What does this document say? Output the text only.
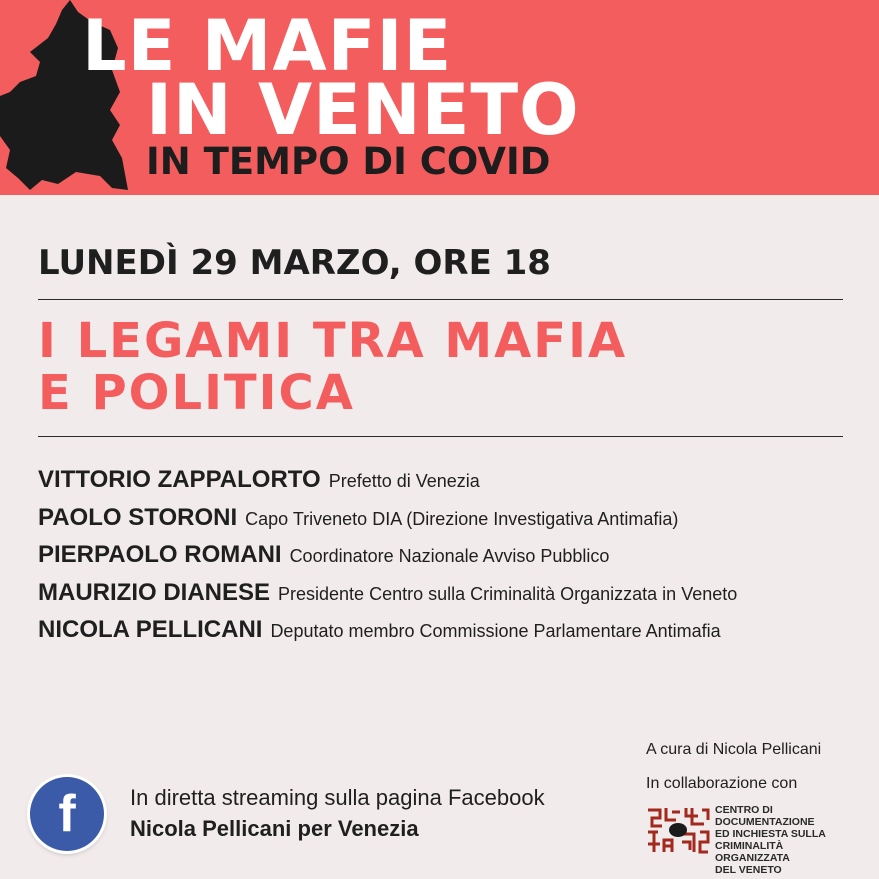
LE MAFIE
IN VENETO
IN TEMPO DI COVID
LUNEDÌ 29 MARZO, ORE 18
I LEGAMI TRA MAFIA
E POLITICA
VITTORIO ZAPPALORTO Prefetto di Venezia
PAOLO STORONI Capo Triveneto DIA (Direzione Investigativa Antimafia)
PIERPAOLO ROMANI Coordinatore Nazionale Avviso Pubblico
MAURIZIO DIANESE Presidente Centro sulla Criminalità Organizzata in Veneto
NICOLA PELLICANI Deputato membro Commissione Parlamentare Antimafia
f	In diretta streaming sulla pagina Facebook
Nicola Pellicani per Venezia
A cura di Nicola Pellicani
In collaborazione con
CENTRO DI DOCUMENTAZIONE
ED INCHIESTA SULLA
CRIMINALITÀ ORGANIZZATA
DEL VENETO
